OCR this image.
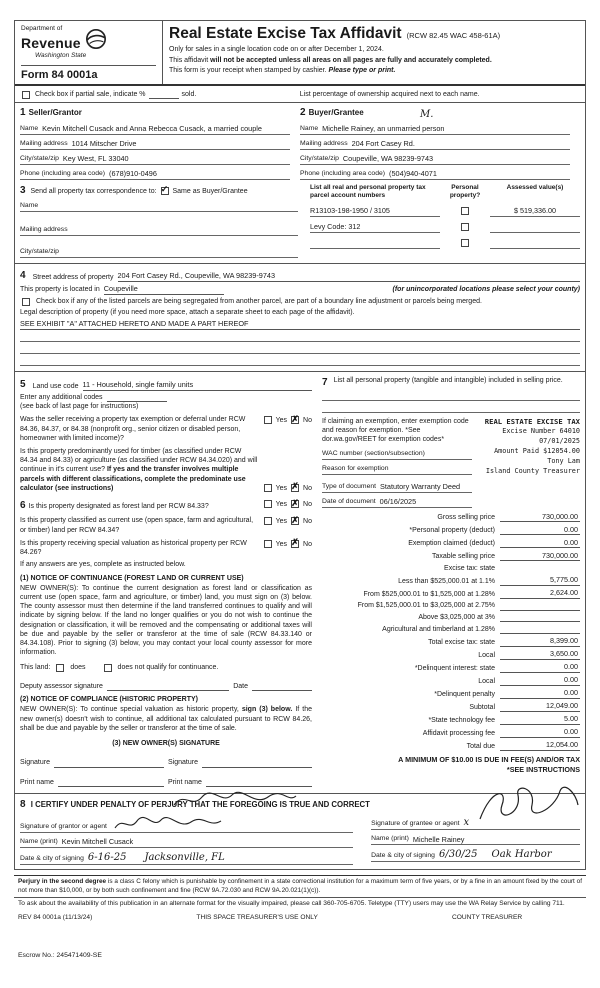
Department of
Revenue
Washington State
Form 84 0001a
Real Estate Excise Tax Affidavit (RCW 82.45 WAC 458-61A)
Only for sales in a single location code on or after December 1, 2024.
This affidavit will not be accepted unless all areas on all pages are fully and accurately completed.
This form is your receipt when stamped by cashier. Please type or print.
Check box if partial sale, indicate %	sold.	List percentage of ownership acquired next to each name.
1 Seller/Grantor
Name Kevin Mitchell Cusack and Anna Rebecca Cusack, a married couple
Mailing address 1014 Mitscher Drive
City/state/zip Key West, FL 33040
Phone (including area code) (678)910-0496
M.
2 Buyer/Grantee
Name Michelle Rainey, an unmarried person
Mailing address 204 Fort Casey Rd.
City/state/zip Coupeville, WA 98239-9743
Phone (including area code) (504)940-4071
3 Send all property tax correspondence to: ✓ Same as Buyer/Grantee
Name
Mailing address
City/state/zip
List all real and personal property tax parcel account numbers
Personal property?
Assessed value(s)
R13103-198-1950 / 3105	$ 519,336.00
Levy Code: 312
4 Street address of property 204 Fort Casey Rd., Coupeville, WA 98239-9743
This property is located in Coupeville	(for unincorporated locations please select your county)
Check box if any of the listed parcels are being segregated from another parcel, are part of a boundary line adjustment or parcels being merged.
Legal description of property (if you need more space, attach a separate sheet to each page of the affidavit).
SEE EXHIBIT "A" ATTACHED HERETO AND MADE A PART HEREOF
5 Land use code 11 - Household, single family units
Enter any additional codes
(see back of last page for instructions)
Was the seller receiving a property tax exemption or deferral under RCW 84.36, 84.37, or 84.38 (nonprofit org., senior citizen or disabled person, homeowner with limited income)?
Yes ✗ No
Is this property predominantly used for timber (as classified under RCW 84.34 and 84.33) or agriculture (as classified under RCW 84.34.020) and will continue in it's current use? If yes and the transfer involves multiple parcels with different classifications, complete the predominate use calculator (see instructions)	Yes ✗ No
6 Is this property designated as forest land per RCW 84.33?	Yes ✗ No
Is this property classified as current use (open space, farm and agricultural, or timber) land per RCW 84.34?
Yes ✗ No
Is this property receiving special valuation as historical property per RCW 84.26?
Yes ✗ No
If any answers are yes, complete as instructed below.
(1) NOTICE OF CONTINUANCE (FOREST LAND OR CURRENT USE)
NEW OWNER(S): To continue the current designation as forest land or classification as current use (open space, farm and agriculture, or timber) land, you must sign on (3) below. The county assessor must then determine if the land transferred continues to qualify and will indicate by signing below. If the land no longer qualifies or you do not wish to continue the designation or classification, it will be removed and the compensating or additional taxes will be due and payable by the seller or transferor at the time of sale (RCW 84.33.140 or 84.34.108). Prior to signing (3) below, you may contact your local county assessor for more information.
This land:	does	does not qualify for continuance.
Deputy assessor signature	Date
(2) NOTICE OF COMPLIANCE (HISTORIC PROPERTY)
NEW OWNER(S): To continue special valuation as historic property, sign (3) below. If the new owner(s) doesn't wish to continue, all additional tax calculated pursuant to RCW 84.26, shall be due and payable by the seller or transferor at the time of sale.
(3) NEW OWNER(S) SIGNATURE
Signature	Signature
Print name	Print name
7 List all personal property (tangible and intangible) included in selling price.
If claiming an exemption, enter exemption code and reason for exemption. *See dor.wa.gov/REET for exemption codes*
WAC number (section/subsection)
Reason for exemption
Type of document Statutory Warranty Deed
Date of document 06/16/2025
REAL ESTATE EXCISE TAX
Excise Number 64010
07/01/2025
Amount Paid $12054.00
Tony Lam
Island County Treasurer
Gross selling price	730,000.00
*Personal property (deduct)	0.00
Exemption claimed (deduct)	0.00
Taxable selling price	730,000.00
Excise tax: state
Less than $525,000.01 at 1.1%	5,775.00
From $525,000.01 to $1,525,000 at 1.28%	2,624.00
From $1,525,000.01 to $3,025,000 at 2.75%
Above $3,025,000 at 3%
Agricultural and timberland at 1.28%
Total excise tax: state	8,399.00
Local	3,650.00
*Delinquent interest: state	0.00
Local	0.00
*Delinquent penalty	0.00
Subtotal	12,049.00
*State technology fee	5.00
Affidavit processing fee	0.00
Total due	12,054.00
A MINIMUM OF $10.00 IS DUE IN FEE(S) AND/OR TAX
*SEE INSTRUCTIONS
8 I CERTIFY UNDER PENALTY OF PERJURY THAT THE FOREGOING IS TRUE AND CORRECT
Signature of grantor or agent
Name (print) Kevin Mitchell Cusack
Date & city of signing 6-16-25 Jacksonville, FL
Signature of grantee or agent x
Name (print) Michelle Rainey
Date & city of signing 6/30/25 Oak Harbor
Perjury in the second degree is a class C felony which is punishable by confinement in a state correctional institution for a maximum term of five years, or by a fine in an amount fixed by the court of not more than $10,000, or by both such confinement and fine (RCW 9A.72.030 and RCW 9A.20.021(1)(c)).
To ask about the availability of this publication in an alternate format for the visually impaired, please call 360-705-6705. Teletype (TTY) users may use the WA Relay Service by calling 711.
REV 84 0001a (11/13/24)	THIS SPACE TREASURER'S USE ONLY	COUNTY TREASURER
Escrow No.: 245471409-SE
